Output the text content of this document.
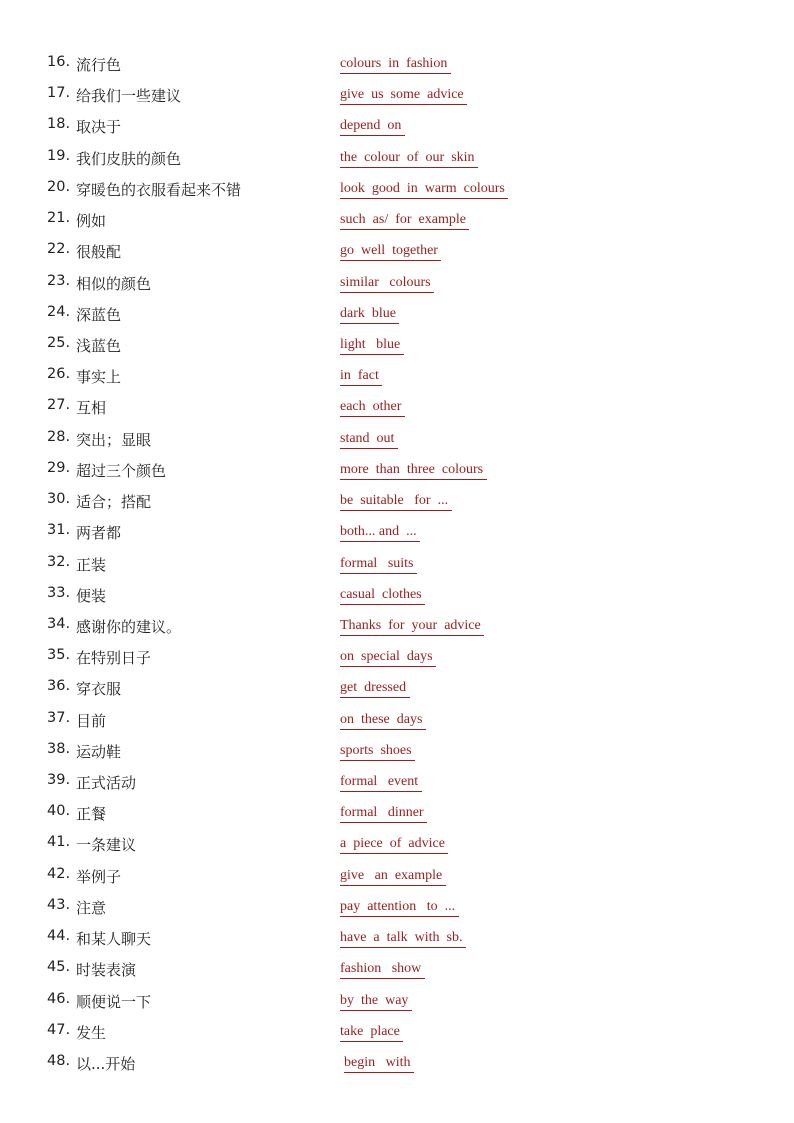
16. 流行色	colours  in  fashion
17. 给我们一些建议	give  us  some  advice
18. 取决于	depend  on
19. 我们皮肤的颜色	the  colour  of  our  skin
20. 穿暖色的衣服看起来不错	look  good  in  warm  colours
21. 例如	such  as/  for  example
22. 很般配	go  well  together
23. 相似的颜色	similar   colours
24. 深蓝色	dark  blue
25. 浅蓝色	light   blue
26. 事实上	in  fact
27. 互相	each  other
28. 突出；显眼	stand  out
29. 超过三个颜色	more  than  three  colours
30. 适合；搭配	be  suitable   for  ...
31. 两者都	both... and  ...
32. 正装	formal   suits
33. 便装	casual  clothes
34. 感谢你的建议。	Thanks  for  your  advice
35. 在特别日子	on  special  days
36. 穿衣服	get  dressed
37. 目前	on  these  days
38. 运动鞋	sports  shoes
39. 正式活动	formal   event
40. 正餐	formal   dinner
41. 一条建议	a  piece  of  advice
42. 举例子	give   an  example
43. 注意	pay  attention   to  ...
44. 和某人聊天	have  a  talk  with  sb.
45. 时装表演	fashion   show
46. 顺便说一下	by  the  way
47. 发生	take  place
48. 以...开始	begin   with
